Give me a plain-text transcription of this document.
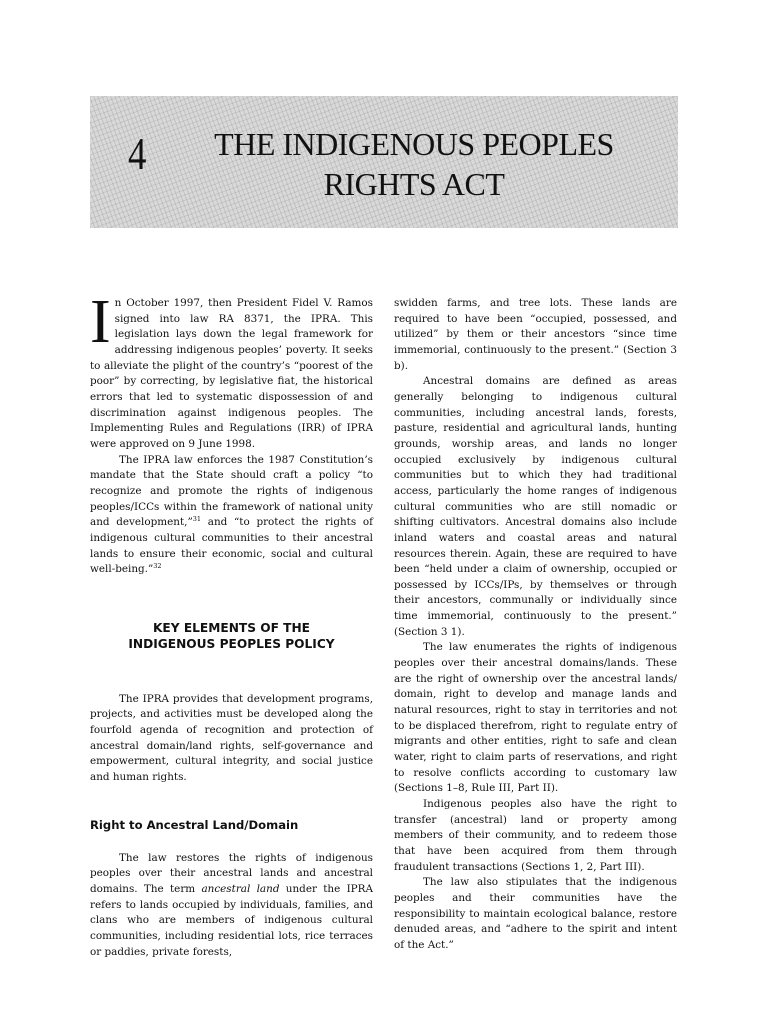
4	THE INDIGENOUS PEOPLES
RIGHTS ACT

In October 1997, then President Fidel V. Ramos signed into law RA 8371, the IPRA. This legislation lays down the legal framework for addressing indigenous peoples’ poverty. It seeks to alleviate the plight of the country’s “poorest of the poor” by correcting, by legislative fiat, the historical errors that led to systematic dispossession of and discrimination against indigenous peoples. The Implementing Rules and Regulations (IRR) of IPRA were approved on 9 June 1998.

The IPRA law enforces the 1987 Constitution’s mandate that the State should craft a policy “to recognize and promote the rights of indigenous peoples/ICCs within the framework of national unity and development,”$^{31}$ and “to protect the rights of indigenous cultural communities to their ancestral lands to ensure their economic, social and cultural well-being.”$^{32}$

KEY ELEMENTS OF THE
INDIGENOUS PEOPLES POLICY

The IPRA provides that development programs, projects, and activities must be developed along the fourfold agenda of recognition and protection of ancestral domain/land rights, self-governance and empowerment, cultural integrity, and social justice and human rights.

Right to Ancestral Land/Domain

The law restores the rights of indigenous peoples over their ancestral lands and ancestral domains. The term ancestral land under the IPRA refers to lands occupied by individuals, families, and clans who are members of indigenous cultural communities, including residential lots, rice terraces or paddies, private forests,

swidden farms, and tree lots. These lands are required to have been “occupied, possessed, and utilized” by them or their ancestors “since time immemorial, continuously to the present.” (Section 3 b).

Ancestral domains are defined as areas generally belonging to indigenous cultural communities, including ancestral lands, forests, pasture, residential and agricultural lands, hunting grounds, worship areas, and lands no longer occupied exclusively by indigenous cultural communities but to which they had traditional access, particularly the home ranges of indigenous cultural communities who are still nomadic or shifting cultivators. Ancestral domains also include inland waters and coastal areas and natural resources therein. Again, these are required to have been “held under a claim of ownership, occupied or possessed by ICCs/IPs, by themselves or through their ancestors, communally or individually since time immemorial, continuously to the present.” (Section 3 1).

The law enumerates the rights of indigenous peoples over their ancestral domains/lands. These are the right of ownership over the ancestral lands/ domain, right to develop and manage lands and natural resources, right to stay in territories and not to be displaced therefrom, right to regulate entry of migrants and other entities, right to safe and clean water, right to claim parts of reservations, and right to resolve conflicts according to customary law (Sections 1–8, Rule III, Part II).

Indigenous peoples also have the right to transfer (ancestral) land or property among members of their community, and to redeem those that have been acquired from them through fraudulent transactions (Sections 1, 2, Part III).

The law also stipulates that the indigenous peoples and their communities have the responsibility to maintain ecological balance, restore denuded areas, and “adhere to the spirit and intent of the Act.”
